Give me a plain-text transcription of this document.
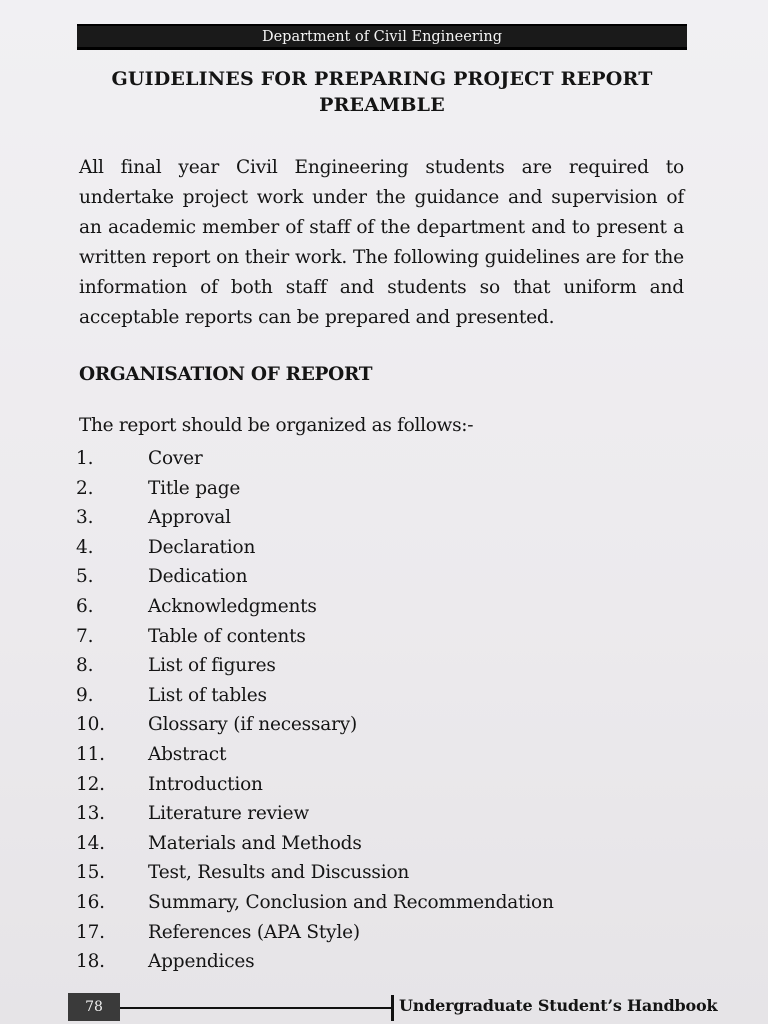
Department of Civil Engineering
GUIDELINES FOR PREPARING PROJECT REPORT
PREAMBLE
All final year Civil Engineering students are required to undertake project work under the guidance and supervision of an academic member of staff of the department and to present a written report on their work. The following guidelines are for the information of both staff and students so that uniform and acceptable reports can be prepared and presented.
ORGANISATION OF REPORT
The report should be organized as follows:-
1.	Cover
2.	Title page
3.	Approval
4.	Declaration
5.	Dedication
6.	Acknowledgments
7.	Table of contents
8.	List of figures
9.	List of tables
10.	Glossary (if necessary)
11.	Abstract
12.	Introduction
13.	Literature review
14.	Materials and Methods
15.	Test, Results and Discussion
16.	Summary, Conclusion and Recommendation
17.	References (APA Style)
18.	Appendices
78	Undergraduate Student’s Handbook
